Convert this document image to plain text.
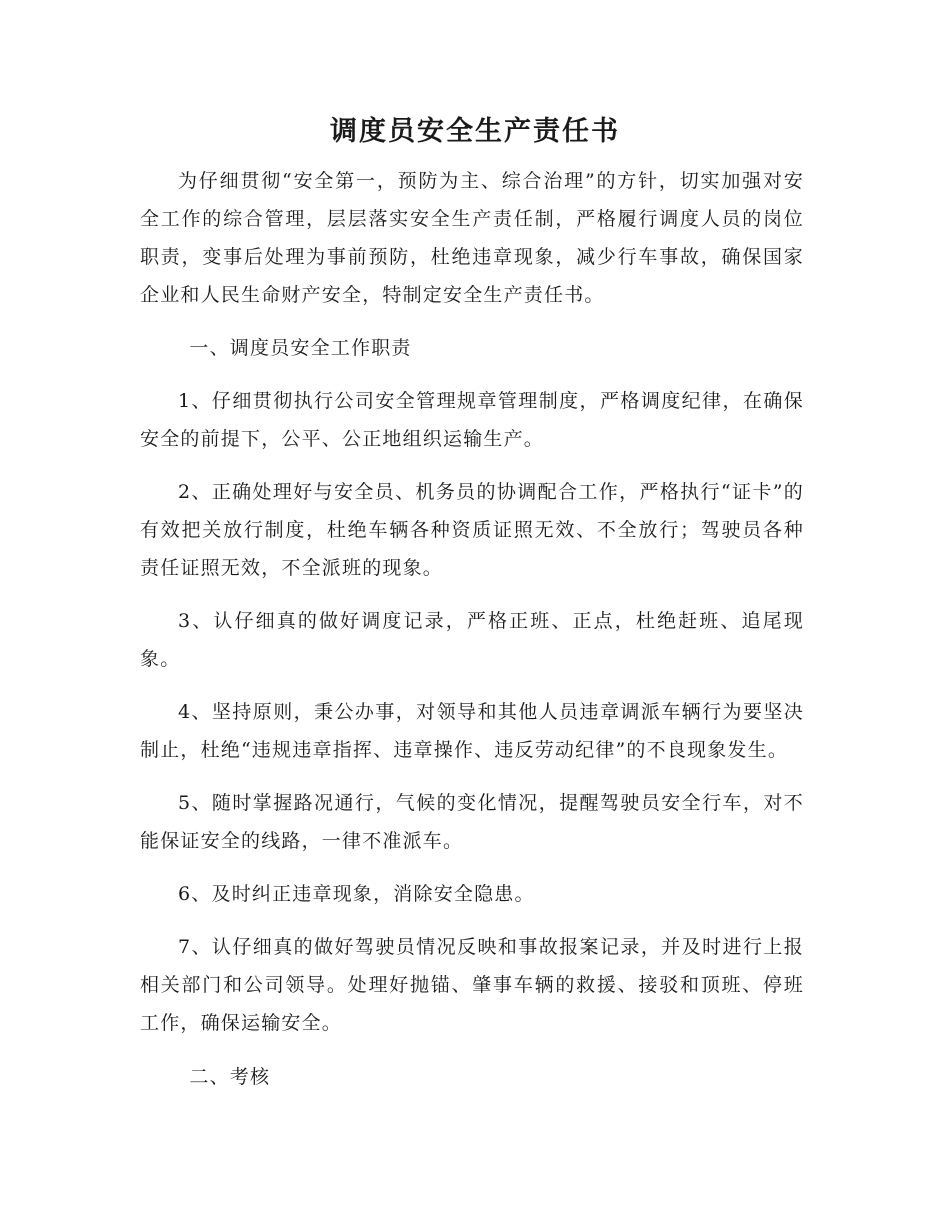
调度员安全生产责任书

为仔细贯彻“安全第一，预防为主、综合治理”的方针，切实加强对安全工作的综合管理，层层落实安全生产责任制，严格履行调度人员的岗位职责，变事后处理为事前预防，杜绝违章现象，减少行车事故，确保国家企业和人民生命财产安全，特制定安全生产责任书。

一、调度员安全工作职责

1、仔细贯彻执行公司安全管理规章管理制度，严格调度纪律，在确保安全的前提下，公平、公正地组织运输生产。

2、正确处理好与安全员、机务员的协调配合工作，严格执行“证卡”的有效把关放行制度，杜绝车辆各种资质证照无效、不全放行；驾驶员各种责任证照无效，不全派班的现象。

3、认仔细真的做好调度记录，严格正班、正点，杜绝赶班、追尾现象。

4、坚持原则，秉公办事，对领导和其他人员违章调派车辆行为要坚决制止，杜绝“违规违章指挥、违章操作、违反劳动纪律”的不良现象发生。

5、随时掌握路况通行，气候的变化情况，提醒驾驶员安全行车，对不能保证安全的线路，一律不准派车。

6、及时纠正违章现象，消除安全隐患。

7、认仔细真的做好驾驶员情况反映和事故报案记录，并及时进行上报相关部门和公司领导。处理好抛锚、肇事车辆的救援、接驳和顶班、停班工作，确保运输安全。

二、考核
